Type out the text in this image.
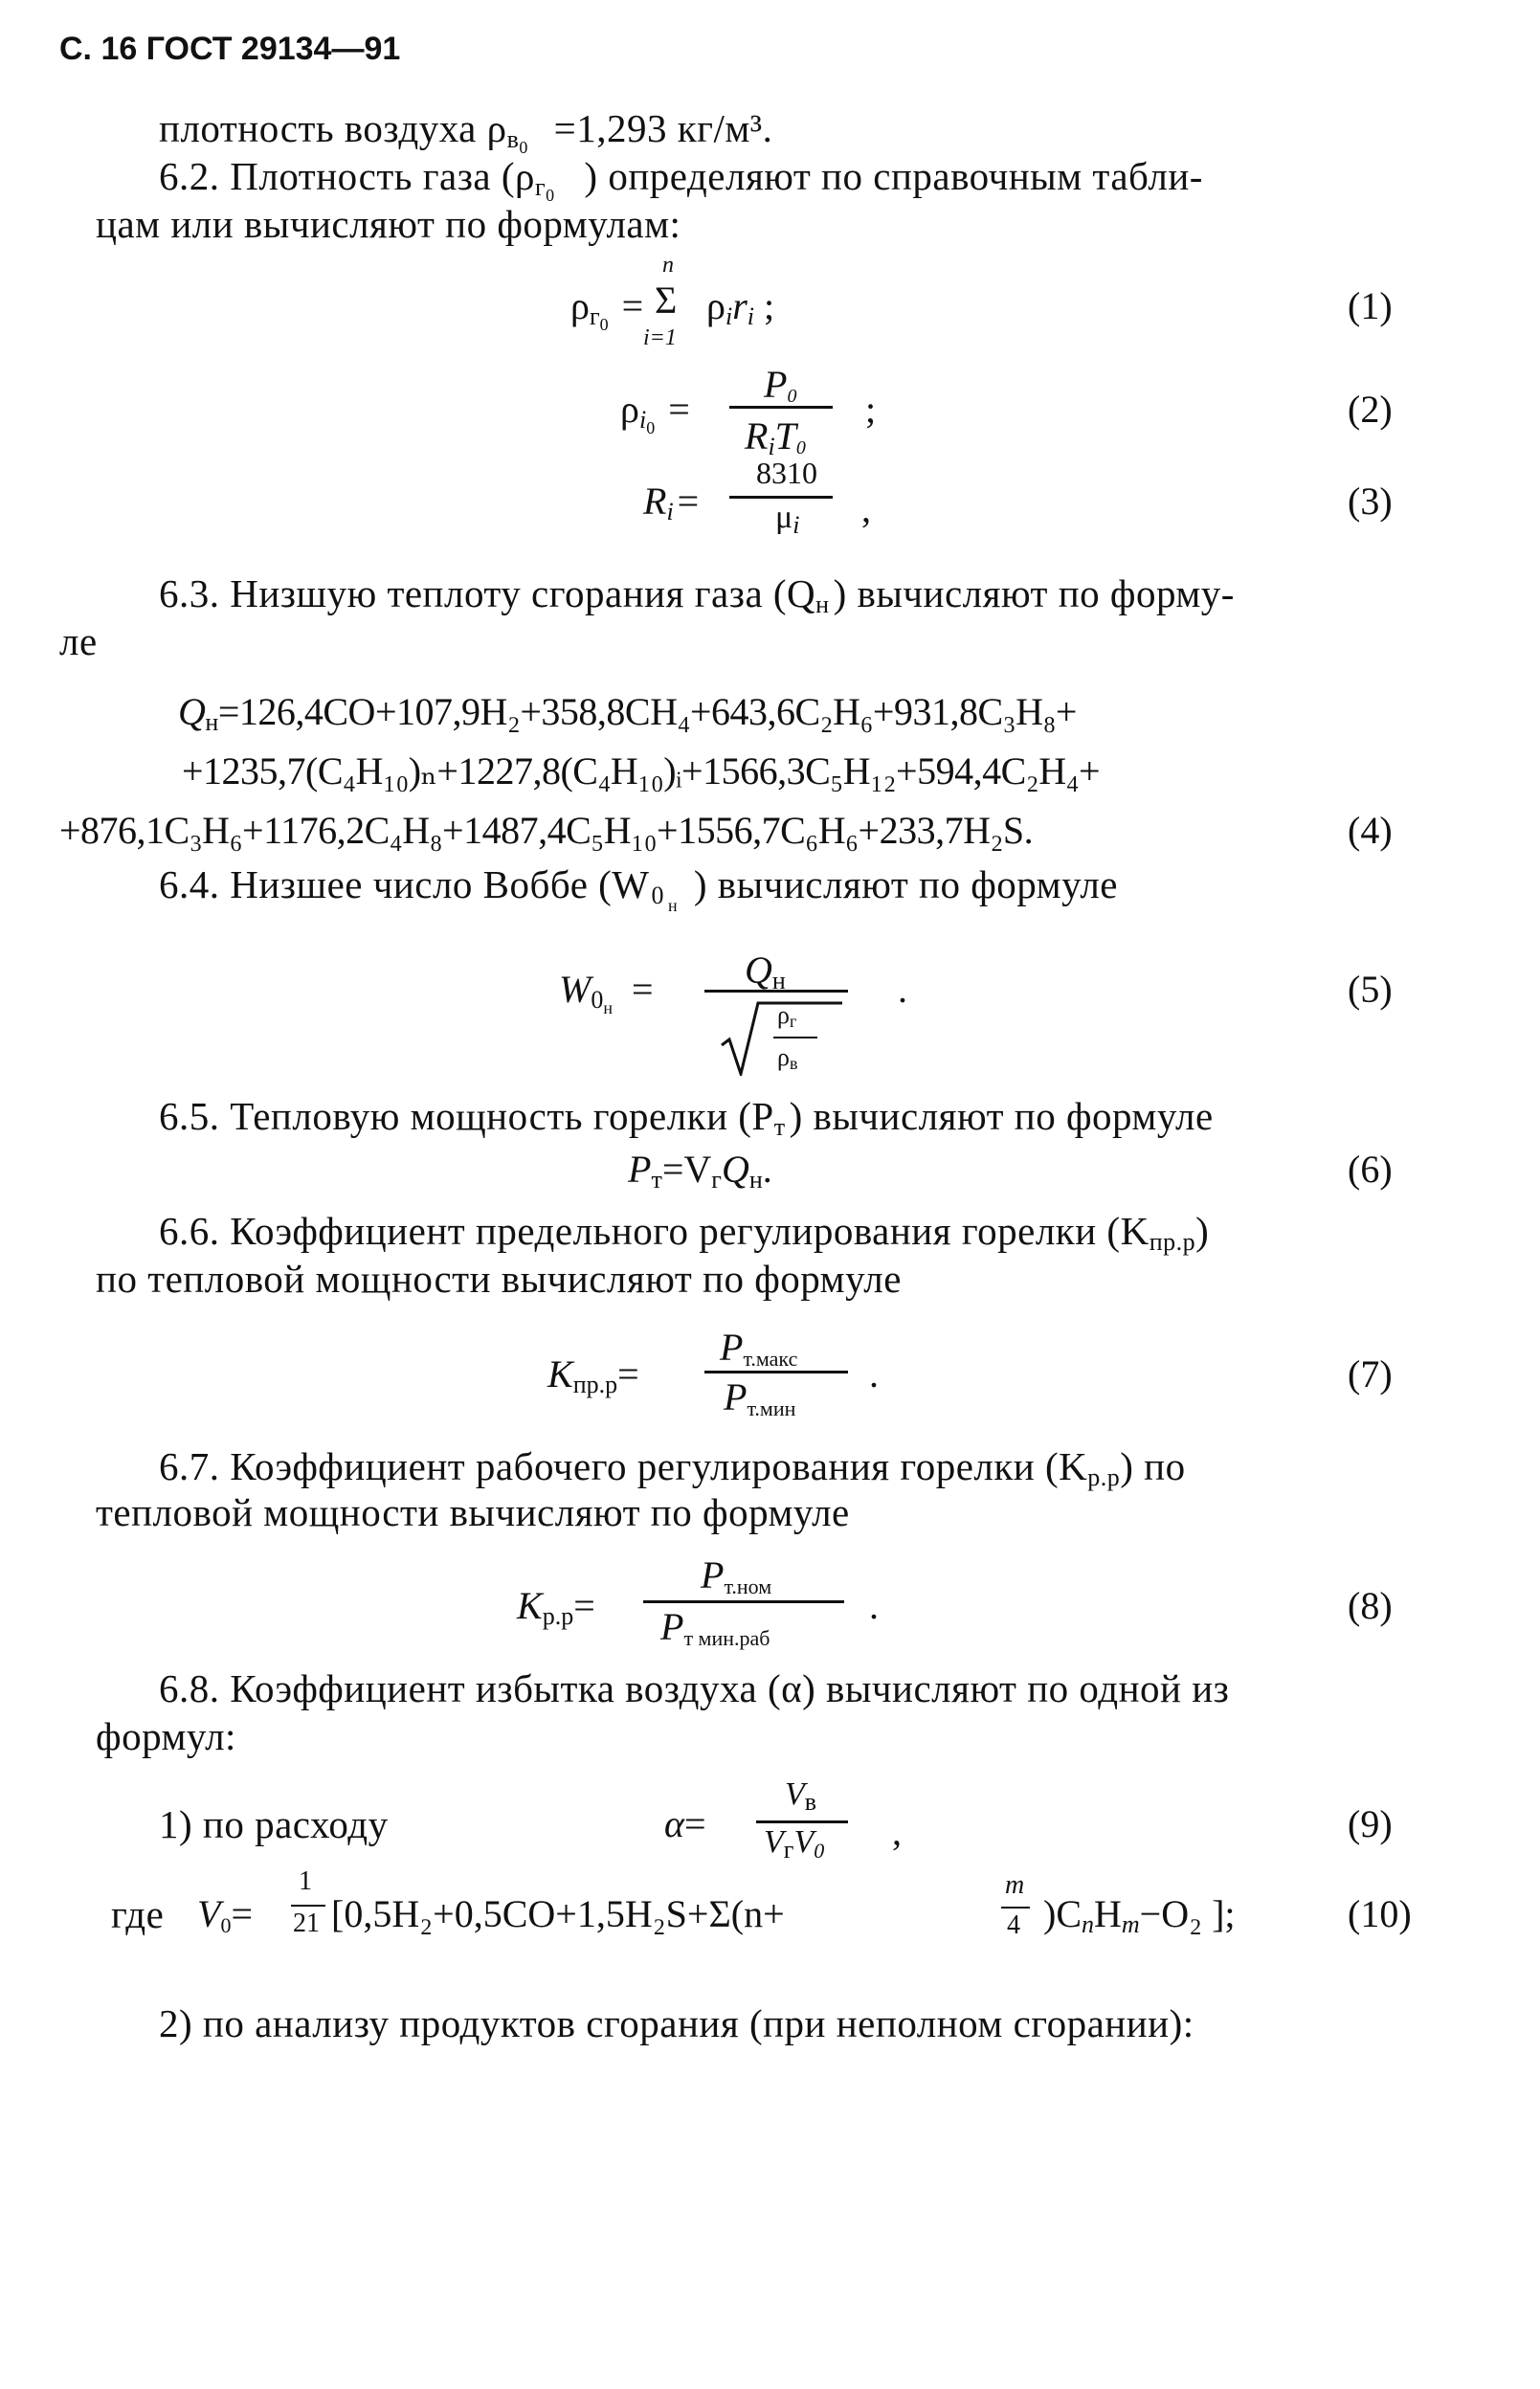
С. 16 ГОСТ 29134—91
плотность воздуха $\rho в_0 =1,293$ кг/м³.
6.2. Плотность газа ($\rho г_0$ ) определяют по справочным табли-
цам или вычисляют по формулам:
$\rho г_0$ =
n
Σ
i=1
ρiri ;	(1)
$\rho i_0$ =
P0
RiT0
;	(2)
Ri =
8310
μi ,	(3)
6.3. Низшую теплоту сгорания газа (Qн) вычисляют по форму-
ле
Qн=126,4CO+107,9H₂+358,8CH₄+643,6C₂H₆+931,8C₃H₈+
+1235,7(C₄H₁₀)ₙ+1227,8(C₄H₁₀)ᵢ+1566,3C₅H₁₂+594,4C₂H₄+
+876,1C₃H₆+1176,2C₄H₈+1487,4C₅H₁₀+1556,7C₆H₆+233,7H₂S.	(4)
6.4. Низшее число Воббе (W0 $_н$ ) вычисляют по формуле
$W0_н$ = Qн
ρг
ρв
.	(5)
6.5. Тепловую мощность горелки (Pт) вычисляют по формуле
Pт=VгQн.	(6)
6.6. Коэффициент предельного регулирования горелки (Kпр.р)
по тепловой мощности вычисляют по формуле
Kпр.р=
Pт.макс
Pт.мин
.	(7)
6.7. Коэффициент рабочего регулирования горелки (Kр.р) по
тепловой мощности вычисляют по формуле
Kр.р=
Pт.ном
Pт мин.раб
.	(8)
6.8. Коэффициент избытка воздуха (α) вычисляют по одной из
формул:
1) по расходу	α=
Vв
VгV0 ,	(9)
где V0=
1
21 [0,5H₂+0,5CO+1,5H₂S+Σ(n+
m
4 )CnHm−O₂ ];	(10)
2) по анализу продуктов сгорания (при неполном сгорании):
